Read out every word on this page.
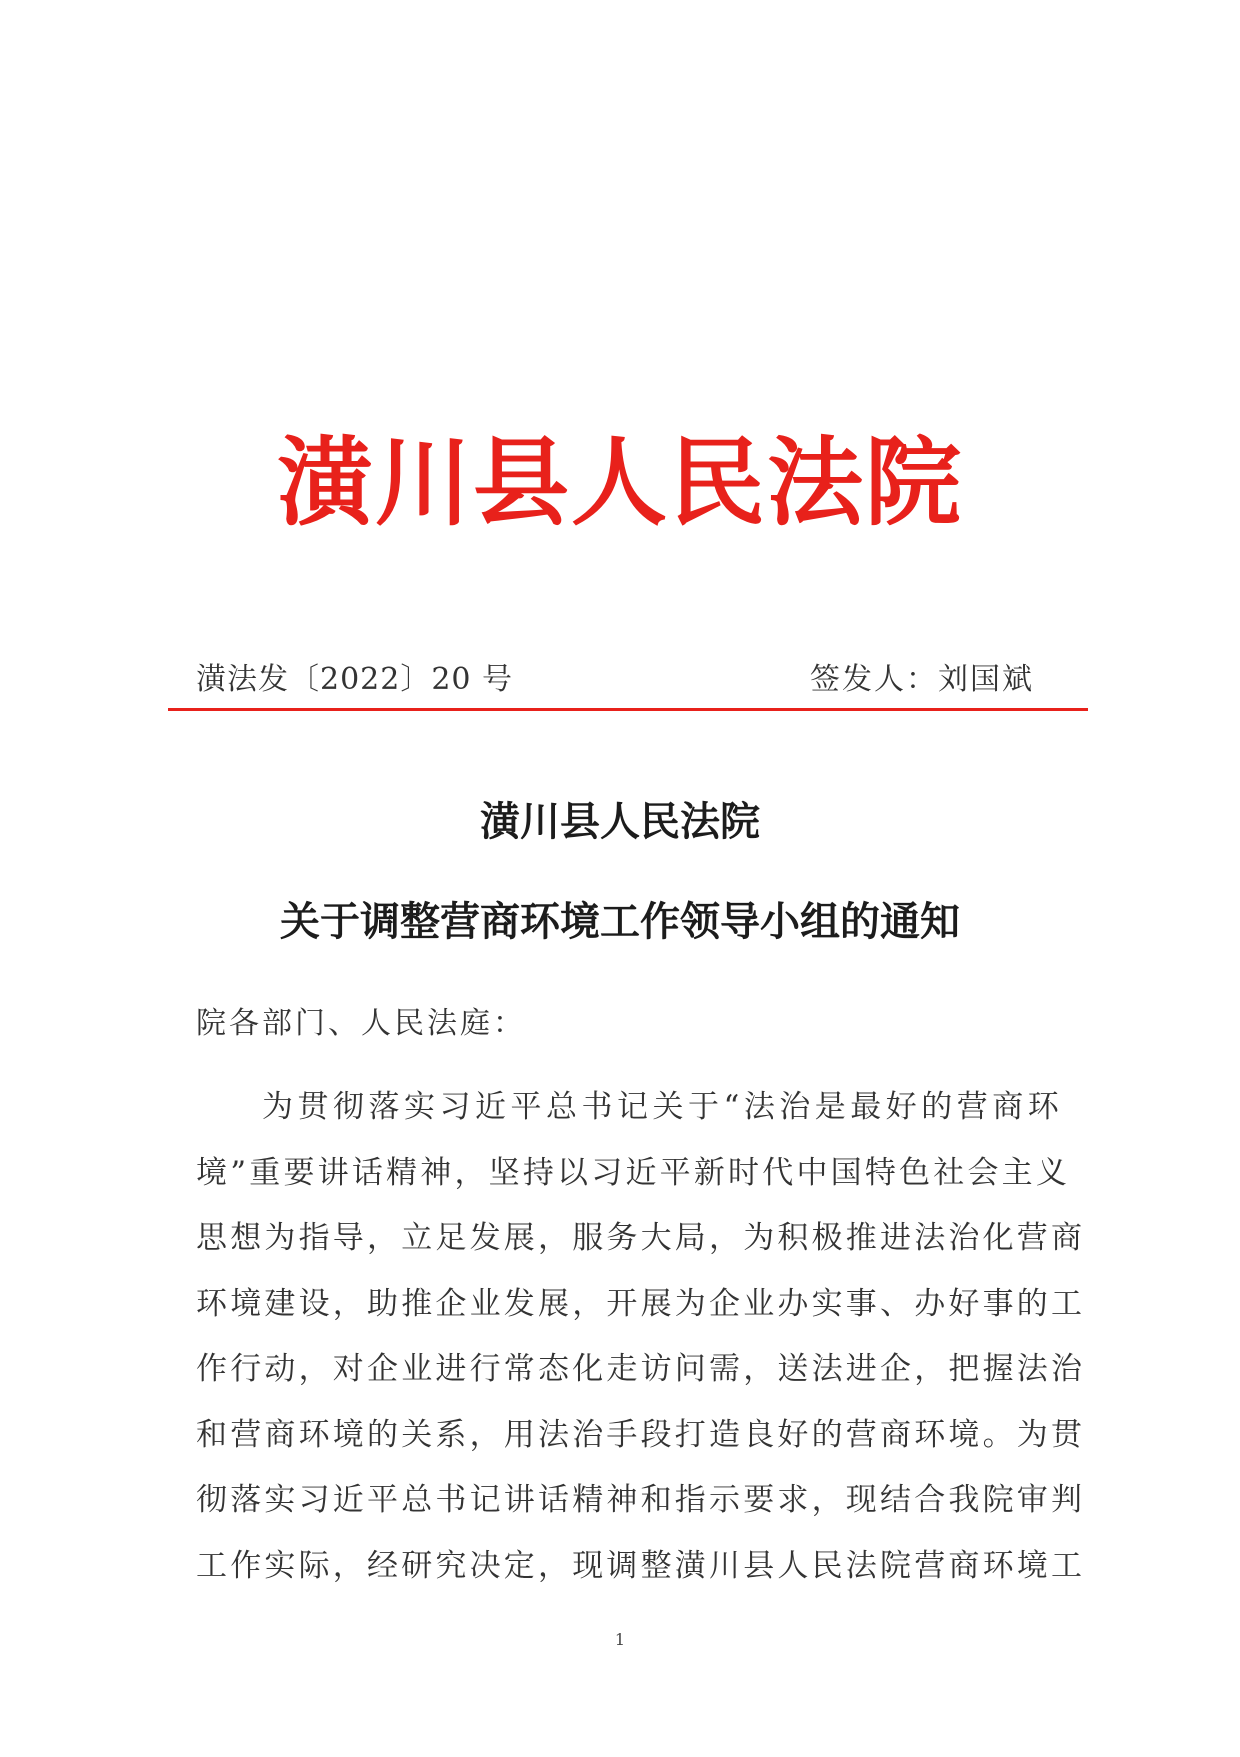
潢川县人民法院
潢法发〔2022〕20 号	签发人：刘国斌
潢川县人民法院
关于调整营商环境工作领导小组的通知
院各部门、人民法庭：
为贯彻落实习近平总书记关于“法治是最好的营商环
境”重要讲话精神，坚持以习近平新时代中国特色社会主义
思想为指导，立足发展，服务大局，为积极推进法治化营商
环境建设，助推企业发展，开展为企业办实事、办好事的工
作行动，对企业进行常态化走访问需，送法进企，把握法治
和营商环境的关系，用法治手段打造良好的营商环境。为贯
彻落实习近平总书记讲话精神和指示要求，现结合我院审判
工作实际，经研究决定，现调整潢川县人民法院营商环境工
1
